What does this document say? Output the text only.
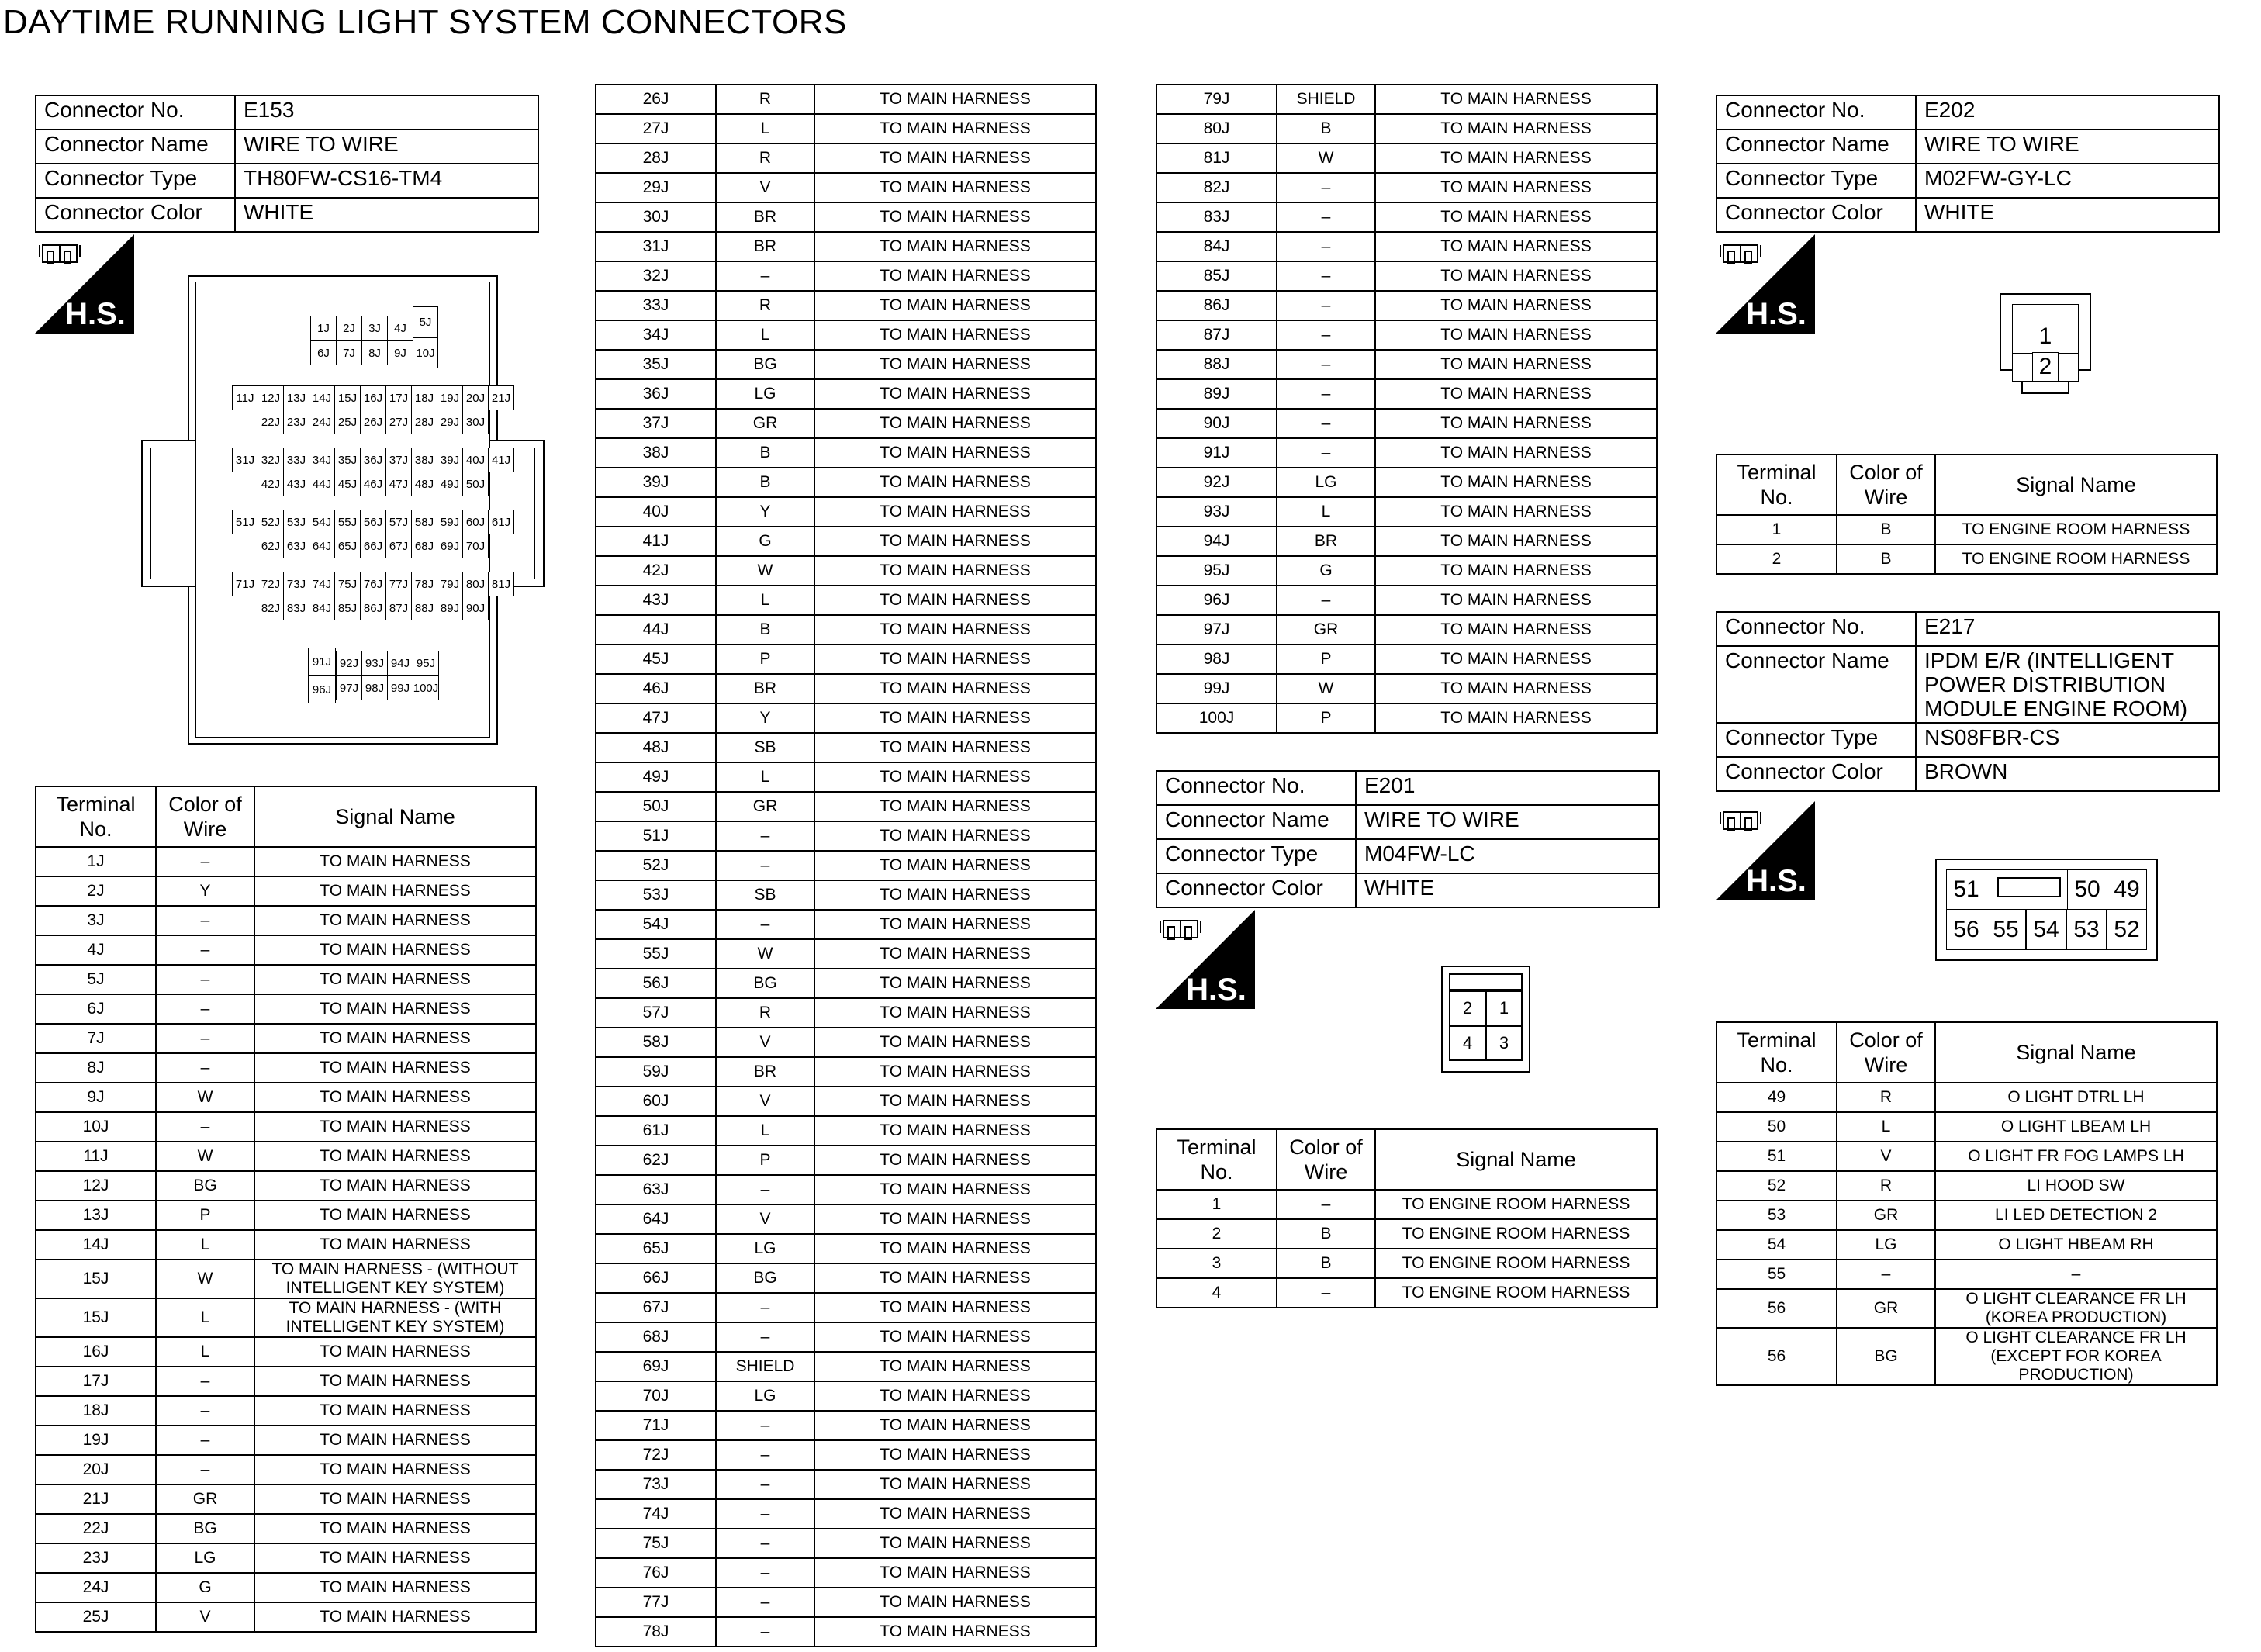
DAYTIME RUNNING LIGHT SYSTEM CONNECTORS
Connector No.	E153
Connector Name	WIRE TO WIRE
Connector Type	TH80FW-CS16-TM4
Connector Color	WHITE
H.S.	1J	2J	3J	4J
6J	7J	8J	9J
5J
10J
11J 12J 13J 14J 15J 16J 17J 18J 19J 20J 21J
22J 23J 24J 25J 26J 27J 28J 29J 30J
31J 32J 33J 34J 35J 36J 37J 38J 39J 40J 41J
42J 43J 44J 45J 46J 47J 48J 49J 50J
51J 52J 53J 54J 55J 56J 57J 58J 59J 60J 61J
62J 63J 64J 65J 66J 67J 68J 69J 70J
71J 72J 73J 74J 75J 76J 77J 78J 79J 80J 81J
82J 83J 84J 85J 86J 87J 88J 89J 90J
91J
96J
92J 93J 94J 95J
97J 98J 99J 100J
Terminal No.	Color of Wire	Signal Name
1J	–	TO MAIN HARNESS
2J	Y	TO MAIN HARNESS
3J	–	TO MAIN HARNESS
4J	–	TO MAIN HARNESS
5J	–	TO MAIN HARNESS
6J	–	TO MAIN HARNESS
7J	–	TO MAIN HARNESS
8J	–	TO MAIN HARNESS
9J	W	TO MAIN HARNESS
10J	–	TO MAIN HARNESS
11J	W	TO MAIN HARNESS
12J	BG	TO MAIN HARNESS
13J	P	TO MAIN HARNESS
14J	L	TO MAIN HARNESS
15J	W	TO MAIN HARNESS - (WITHOUT INTELLIGENT KEY SYSTEM)
15J	L	TO MAIN HARNESS - (WITH INTELLIGENT KEY SYSTEM)
16J	L	TO MAIN HARNESS
17J	–	TO MAIN HARNESS
18J	–	TO MAIN HARNESS
19J	–	TO MAIN HARNESS
20J	–	TO MAIN HARNESS
21J	GR	TO MAIN HARNESS
22J	BG	TO MAIN HARNESS
23J	LG	TO MAIN HARNESS
24J	G	TO MAIN HARNESS
25J	V	TO MAIN HARNESS
26J	R	TO MAIN HARNESS
27J	L	TO MAIN HARNESS
28J	R	TO MAIN HARNESS
29J	V	TO MAIN HARNESS
30J	BR	TO MAIN HARNESS
31J	BR	TO MAIN HARNESS
32J	–	TO MAIN HARNESS
33J	R	TO MAIN HARNESS
34J	L	TO MAIN HARNESS
35J	BG	TO MAIN HARNESS
36J	LG	TO MAIN HARNESS
37J	GR	TO MAIN HARNESS
38J	B	TO MAIN HARNESS
39J	B	TO MAIN HARNESS
40J	Y	TO MAIN HARNESS
41J	G	TO MAIN HARNESS
42J	W	TO MAIN HARNESS
43J	L	TO MAIN HARNESS
44J	B	TO MAIN HARNESS
45J	P	TO MAIN HARNESS
46J	BR	TO MAIN HARNESS
47J	Y	TO MAIN HARNESS
48J	SB	TO MAIN HARNESS
49J	L	TO MAIN HARNESS
50J	GR	TO MAIN HARNESS
51J	–	TO MAIN HARNESS
52J	–	TO MAIN HARNESS
53J	SB	TO MAIN HARNESS
54J	–	TO MAIN HARNESS
55J	W	TO MAIN HARNESS
56J	BG	TO MAIN HARNESS
57J	R	TO MAIN HARNESS
58J	V	TO MAIN HARNESS
59J	BR	TO MAIN HARNESS
60J	V	TO MAIN HARNESS
61J	L	TO MAIN HARNESS
62J	P	TO MAIN HARNESS
63J	–	TO MAIN HARNESS
64J	V	TO MAIN HARNESS
65J	LG	TO MAIN HARNESS
66J	BG	TO MAIN HARNESS
67J	–	TO MAIN HARNESS
68J	–	TO MAIN HARNESS
69J	SHIELD	TO MAIN HARNESS
70J	LG	TO MAIN HARNESS
71J	–	TO MAIN HARNESS
72J	–	TO MAIN HARNESS
73J	–	TO MAIN HARNESS
74J	–	TO MAIN HARNESS
75J	–	TO MAIN HARNESS
76J	–	TO MAIN HARNESS
77J	–	TO MAIN HARNESS
78J	–	TO MAIN HARNESS
79J	SHIELD	TO MAIN HARNESS
80J	B	TO MAIN HARNESS
81J	W	TO MAIN HARNESS
82J	–	TO MAIN HARNESS
83J	–	TO MAIN HARNESS
84J	–	TO MAIN HARNESS
85J	–	TO MAIN HARNESS
86J	–	TO MAIN HARNESS
87J	–	TO MAIN HARNESS
88J	–	TO MAIN HARNESS
89J	–	TO MAIN HARNESS
90J	–	TO MAIN HARNESS
91J	–	TO MAIN HARNESS
92J	LG	TO MAIN HARNESS
93J	L	TO MAIN HARNESS
94J	BR	TO MAIN HARNESS
95J	G	TO MAIN HARNESS
96J	–	TO MAIN HARNESS
97J	GR	TO MAIN HARNESS
98J	P	TO MAIN HARNESS
99J	W	TO MAIN HARNESS
100J	P	TO MAIN HARNESS
Connector No.	E201
Connector Name	WIRE TO WIRE
Connector Type	M04FW-LC
Connector Color	WHITE
H.S.
2	1
4	3
Terminal No.	Color of Wire	Signal Name
1	–	TO ENGINE ROOM HARNESS
2	B	TO ENGINE ROOM HARNESS
3	B	TO ENGINE ROOM HARNESS
4	–	TO ENGINE ROOM HARNESS
Connector No.	E202
Connector Name	WIRE TO WIRE
Connector Type	M02FW-GY-LC
Connector Color	WHITE
H.S.
1
2
Terminal No.	Color of Wire	Signal Name
1	B	TO ENGINE ROOM HARNESS
2	B	TO ENGINE ROOM HARNESS
Connector No.	E217
Connector Name	IPDM E/R (INTELLIGENT POWER DISTRIBUTION MODULE ENGINE ROOM)
Connector Type	NS08FBR-CS
Connector Color	BROWN
H.S.	51	50 49
56 55 54 53 52
Terminal No.	Color of Wire	Signal Name
49	R	O LIGHT DTRL LH
50	L	O LIGHT LBEAM LH
51	V	O LIGHT FR FOG LAMPS LH
52	R	LI HOOD SW
53	GR	LI LED DETECTION 2
54	LG	O LIGHT HBEAM RH
55	–	–
56	GR	O LIGHT CLEARANCE FR LH (KOREA PRODUCTION)
56	BG	O LIGHT CLEARANCE FR LH (EXCEPT FOR KOREA PRODUCTION)
